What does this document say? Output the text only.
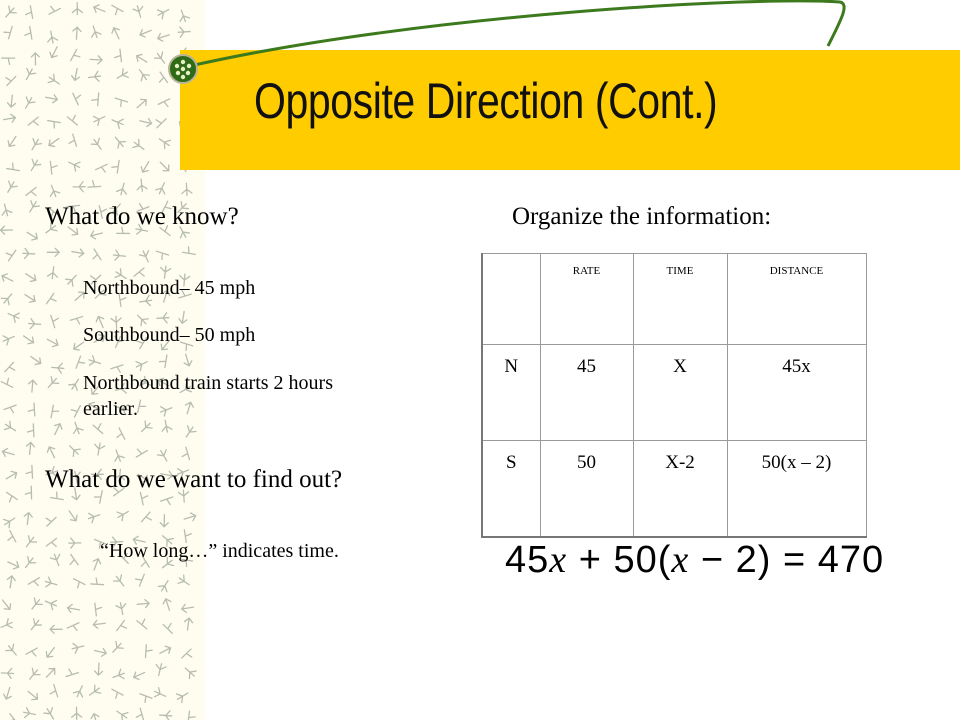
Opposite Direction (Cont.)
What do we know?
Northbound– 45 mph
Southbound– 50 mph
Northbound train starts 2 hours earlier.
What do we want to find out?
“How long…” indicates time.
Organize the information:
	RATE	TIME	DISTANCE
N	45	X	45x
S	50	X-2	50(x – 2)
45x + 50(x − 2) = 470
